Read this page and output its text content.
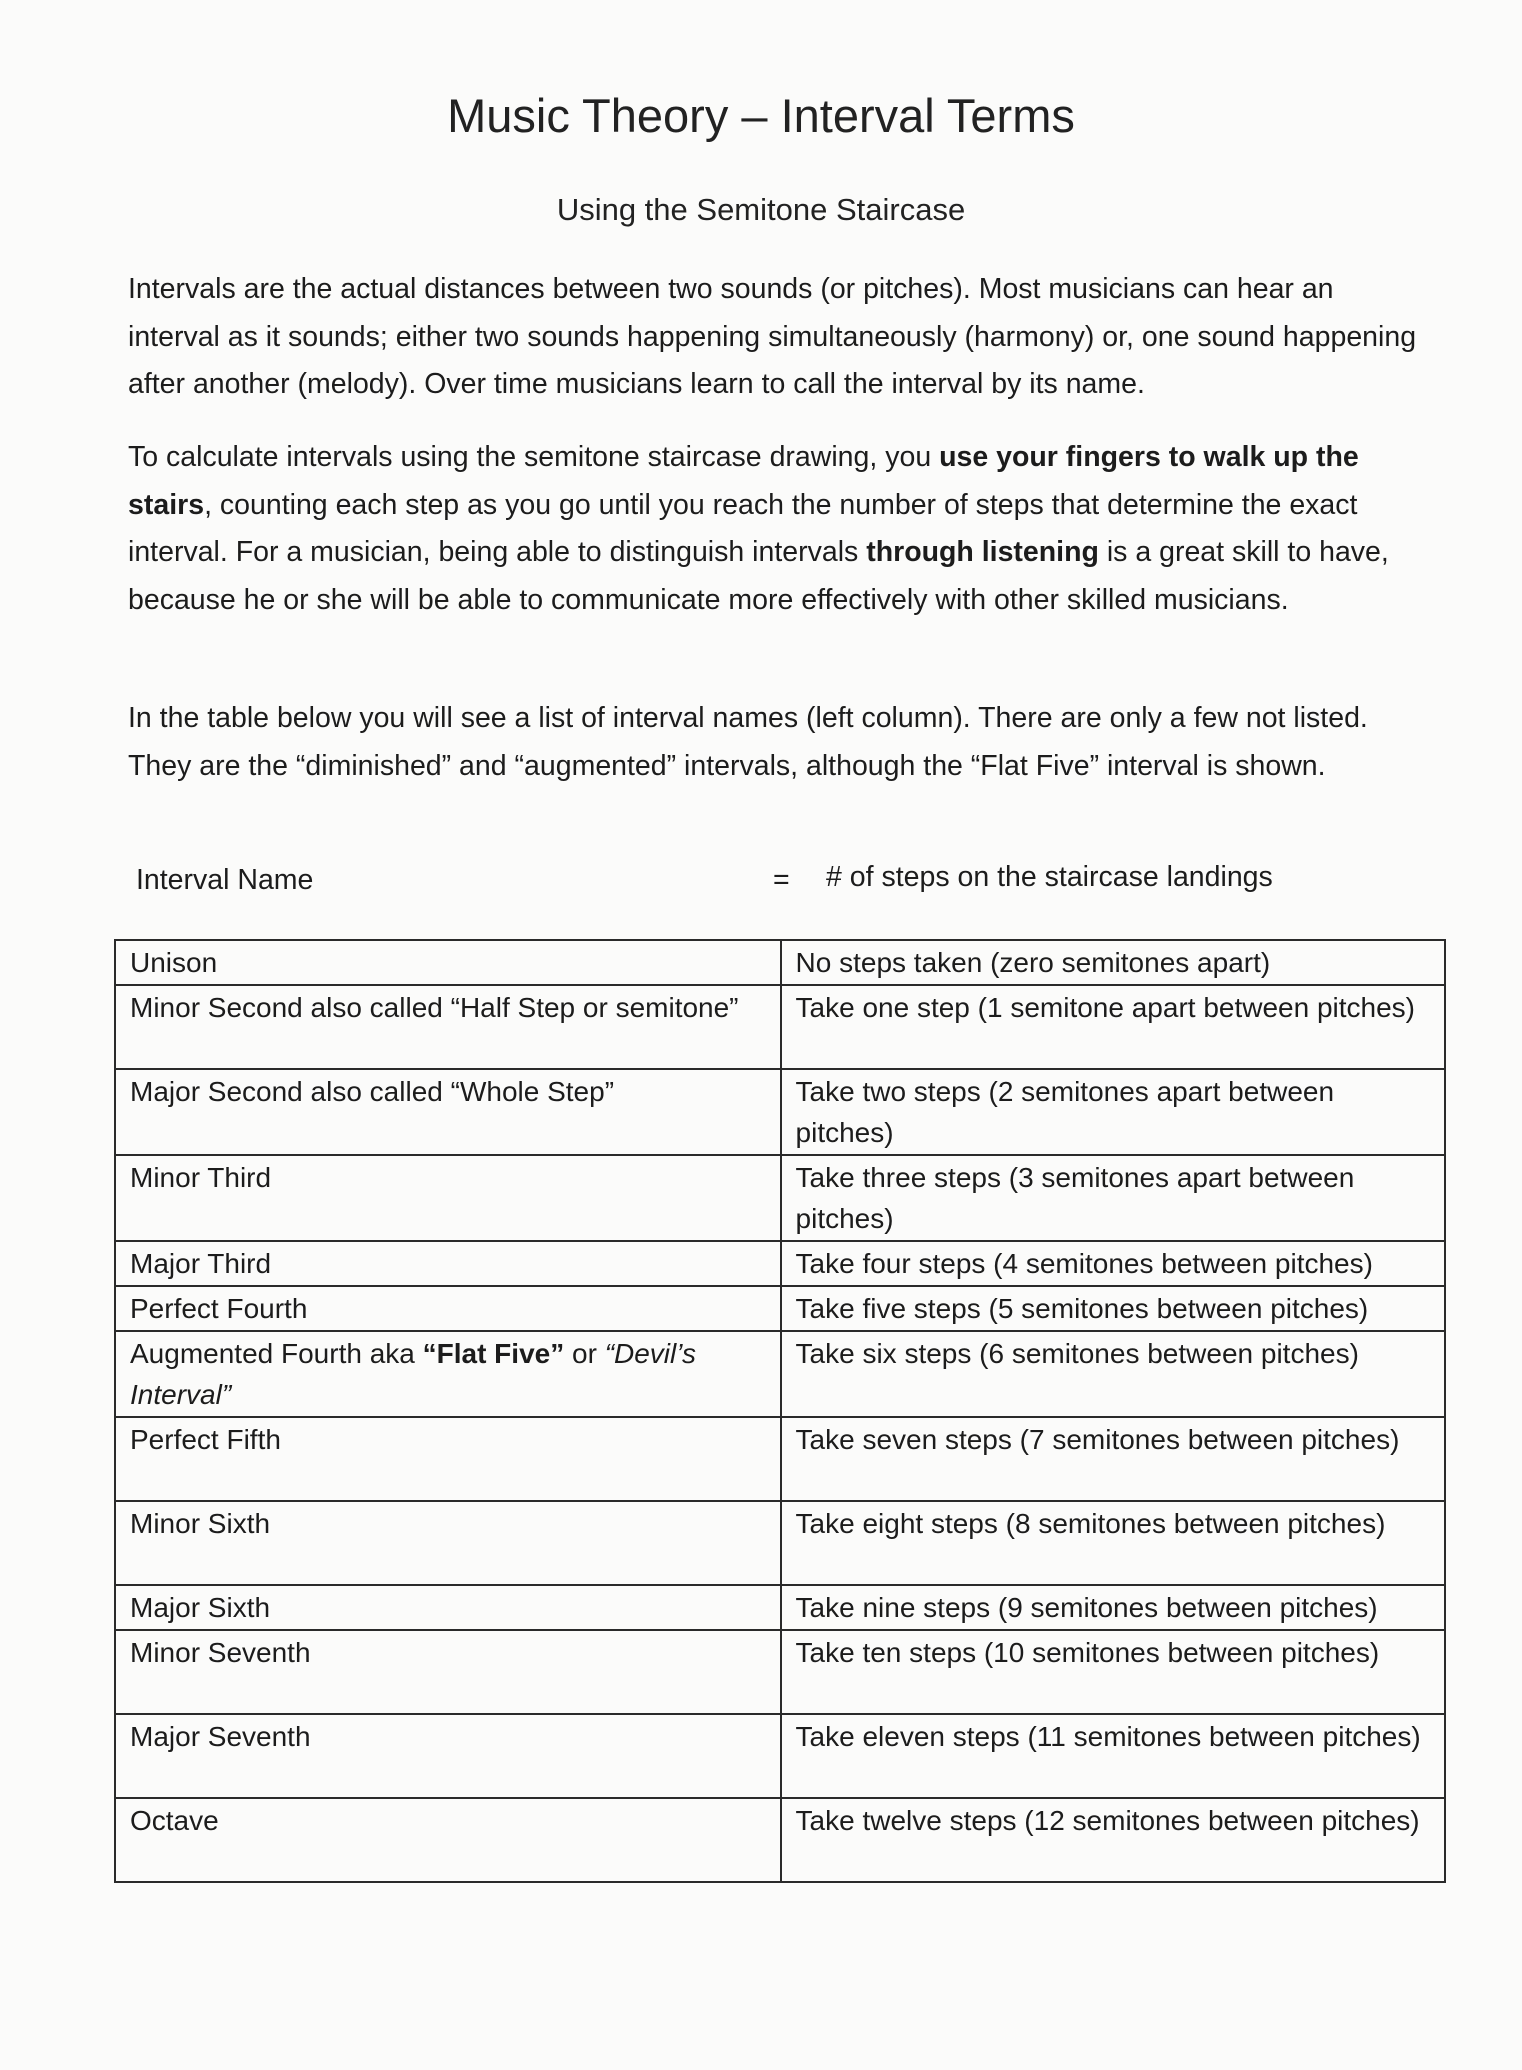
Music Theory – Interval Terms
Using the Semitone Staircase

Intervals are the actual distances between two sounds (or pitches). Most musicians can hear an interval as it sounds; either two sounds happening simultaneously (harmony) or, one sound happening after another (melody). Over time musicians learn to call the interval by its name.

To calculate intervals using the semitone staircase drawing, you use your fingers to walk up the stairs, counting each step as you go until you reach the number of steps that determine the exact interval. For a musician, being able to distinguish intervals through listening is a great skill to have, because he or she will be able to communicate more effectively with other skilled musicians.

In the table below you will see a list of interval names (left column). There are only a few not listed. They are the “diminished” and “augmented” intervals, although the “Flat Five” interval is shown.

Interval Name	= # of steps on the staircase landings
Unison	No steps taken (zero semitones apart)
Minor Second also called “Half Step or semitone”	Take one step (1 semitone apart between pitches)
Major Second also called “Whole Step”	Take two steps (2 semitones apart between pitches)
Minor Third	Take three steps (3 semitones apart between pitches)
Major Third	Take four steps (4 semitones between pitches)
Perfect Fourth	Take five steps (5 semitones between pitches)
Augmented Fourth aka “Flat Five” or “Devil’s Interval”	Take six steps (6 semitones between pitches)
Perfect Fifth	Take seven steps (7 semitones between pitches)
Minor Sixth	Take eight steps (8 semitones between pitches)
Major Sixth	Take nine steps (9 semitones between pitches)
Minor Seventh	Take ten steps (10 semitones between pitches)
Major Seventh	Take eleven steps (11 semitones between pitches)
Octave	Take twelve steps (12 semitones between pitches)
